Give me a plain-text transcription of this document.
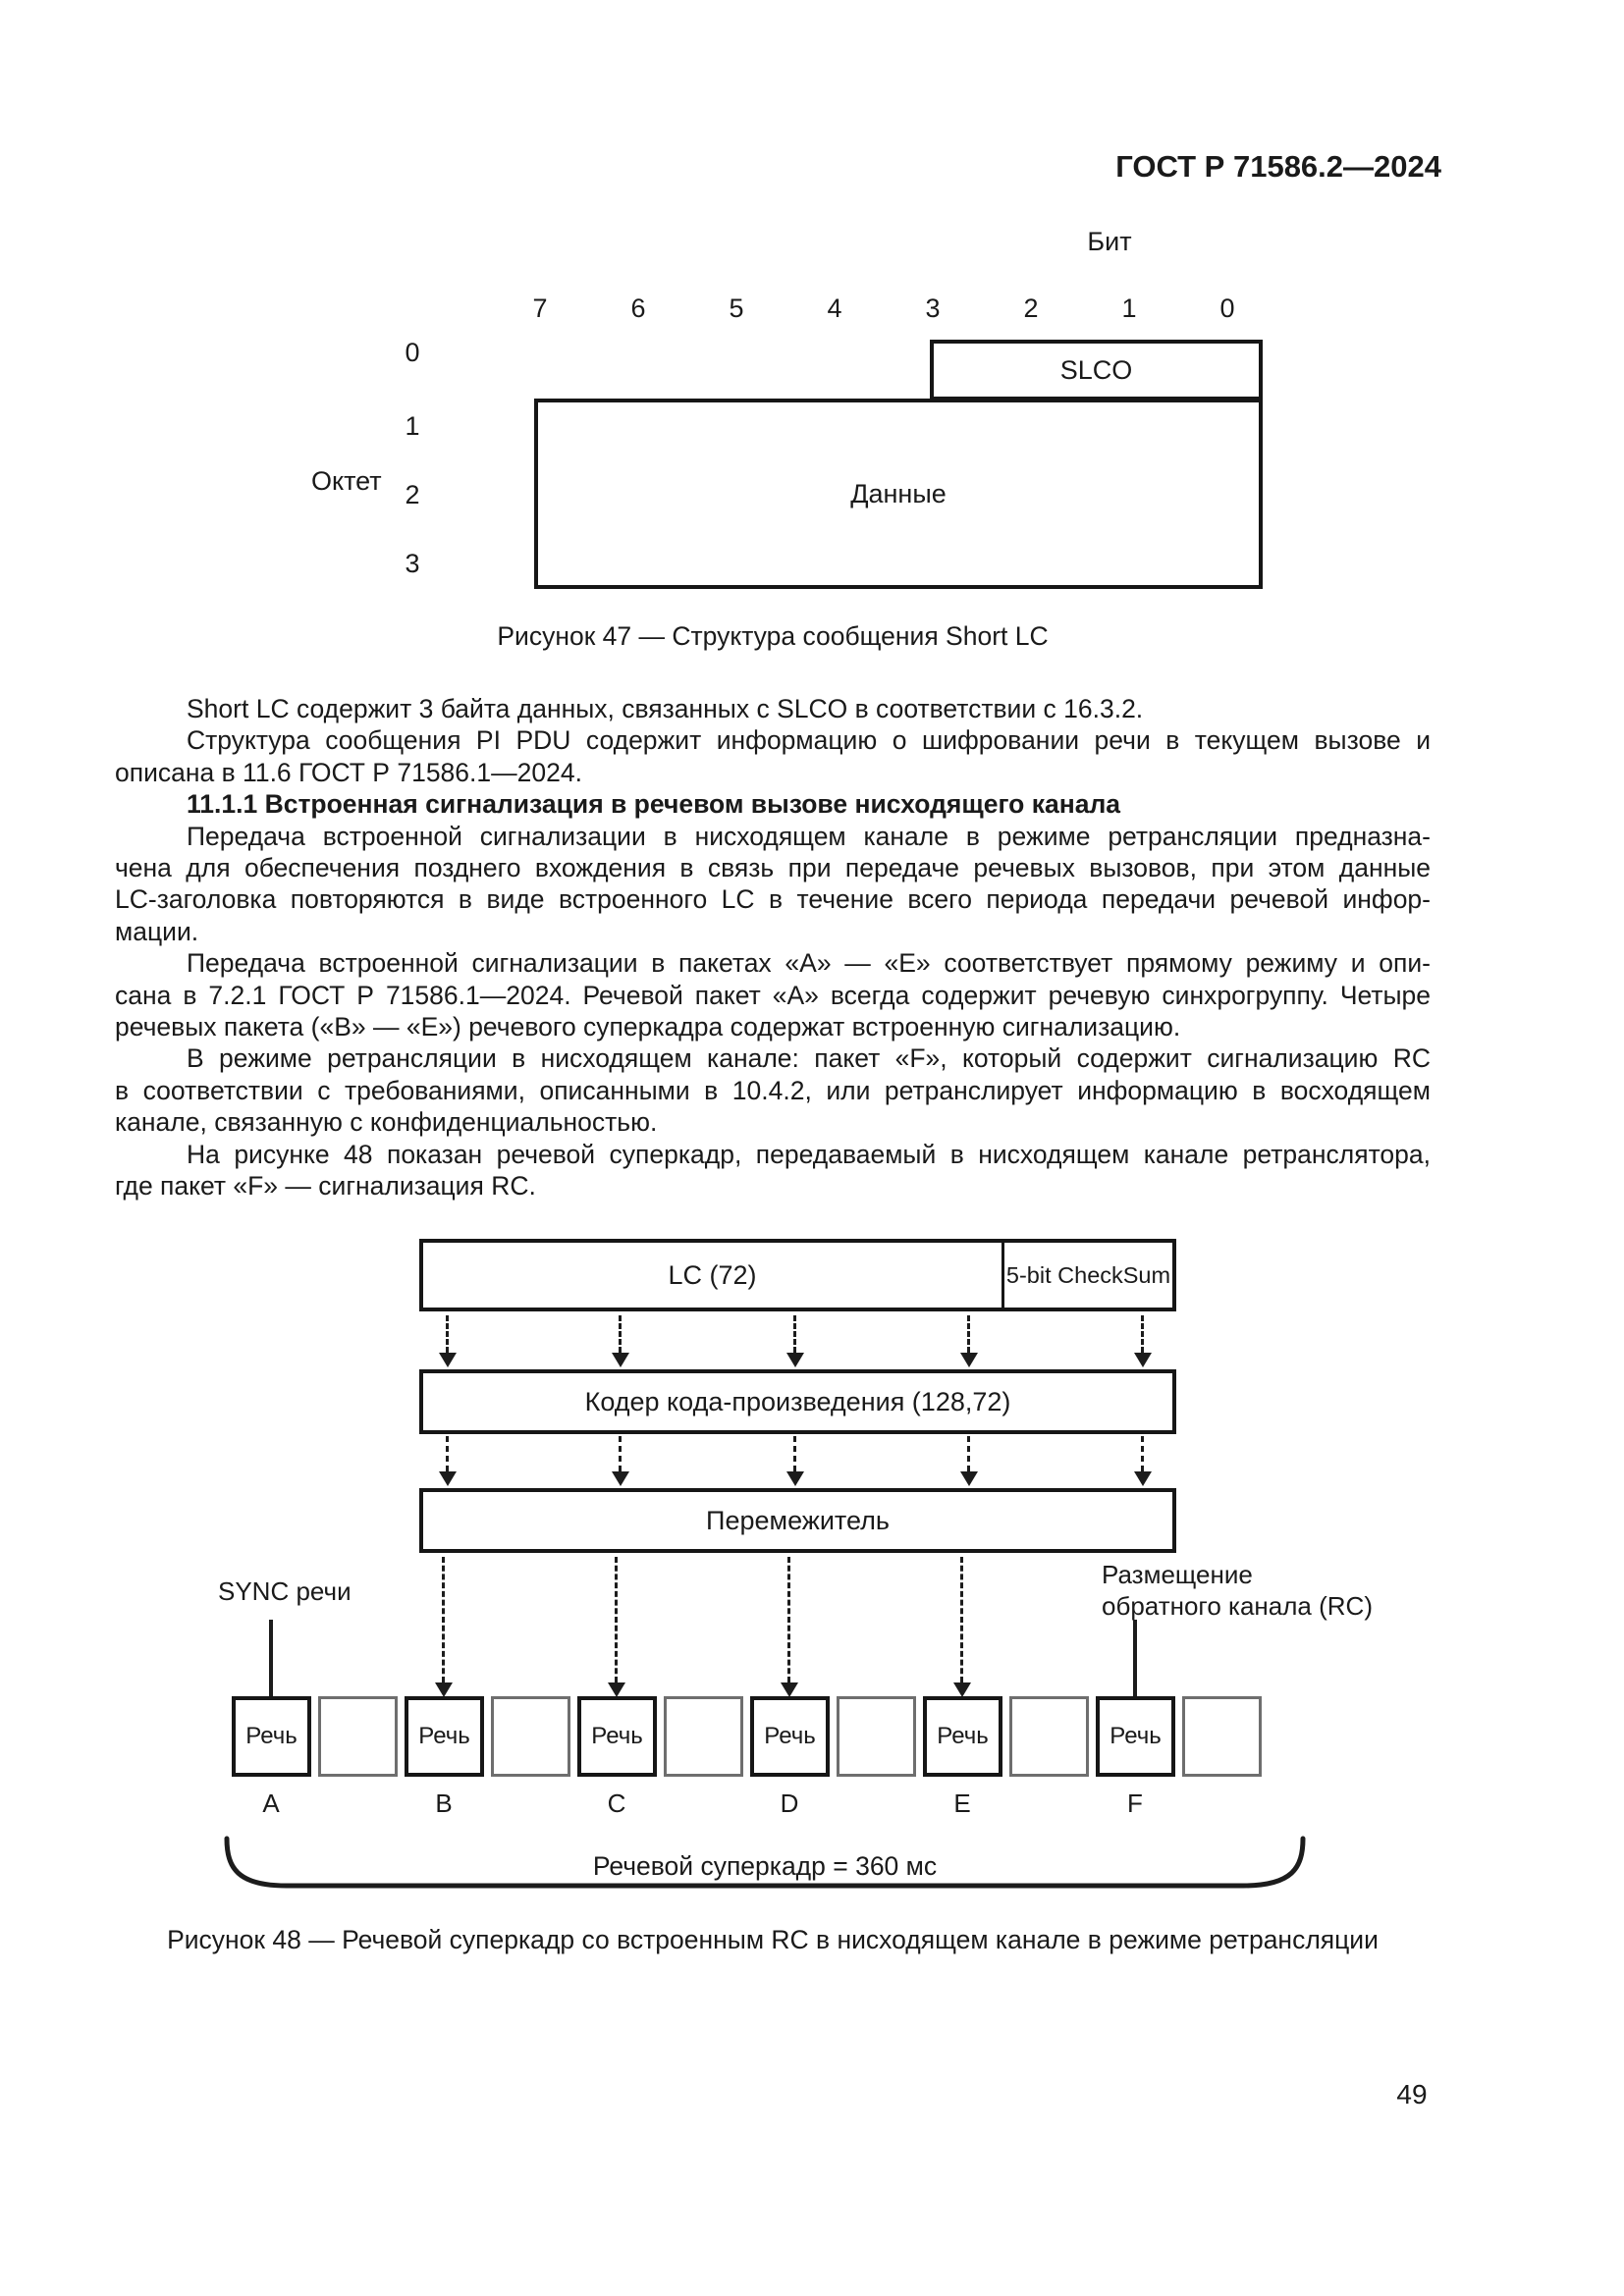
ГОСТ Р 71586.2—2024
Бит
7	6	5	4	3	2	1	0
0
1
2
3
Октет
SLCO
Данные
Рисунок 47 — Структура сообщения Short LC
Short LC содержит 3 байта данных, связанных с SLCO в соответствии с 16.3.2.
Структура сообщения PI PDU содержит информацию о шифровании речи в текущем вызове и
описана в 11.6 ГОСТ Р 71586.1—2024.
11.1.1 Встроенная сигнализация в речевом вызове нисходящего канала
Передача встроенной сигнализации в нисходящем канале в режиме ретрансляции предназна-
чена для обеспечения позднего вхождения в связь при передаче речевых вызовов, при этом данные
LC-заголовка повторяются в виде встроенного LC в течение всего периода передачи речевой инфор-
мации.
Передача встроенной сигнализации в пакетах «А» — «Е» соответствует прямому режиму и опи-
сана в 7.2.1 ГОСТ Р 71586.1—2024. Речевой пакет «А» всегда содержит речевую синхрогруппу. Четыре
речевых пакета («В» — «Е») речевого суперкадра содержат встроенную сигнализацию.
В режиме ретрансляции в нисходящем канале: пакет «F», который содержит сигнализацию RC
в соответствии с требованиями, описанными в 10.4.2, или ретранслирует информацию в восходящем
канале, связанную с конфиденциальностью.
На рисунке 48 показан речевой суперкадр, передаваемый в нисходящем канале ретранслятора,
где пакет «F» — сигнализация RC.
LC (72)	5-bit CheckSum
Кодер кода-произведения (128,72)
Перемежитель
SYNC речи
Размещение
обратного канала (RC)
Речь	Речь	Речь	Речь	Речь	Речь
A	B	C	D	E	F
Речевой суперкадр = 360 мс
Рисунок 48 — Речевой суперкадр со встроенным RC в нисходящем канале в режиме ретрансляции
49
